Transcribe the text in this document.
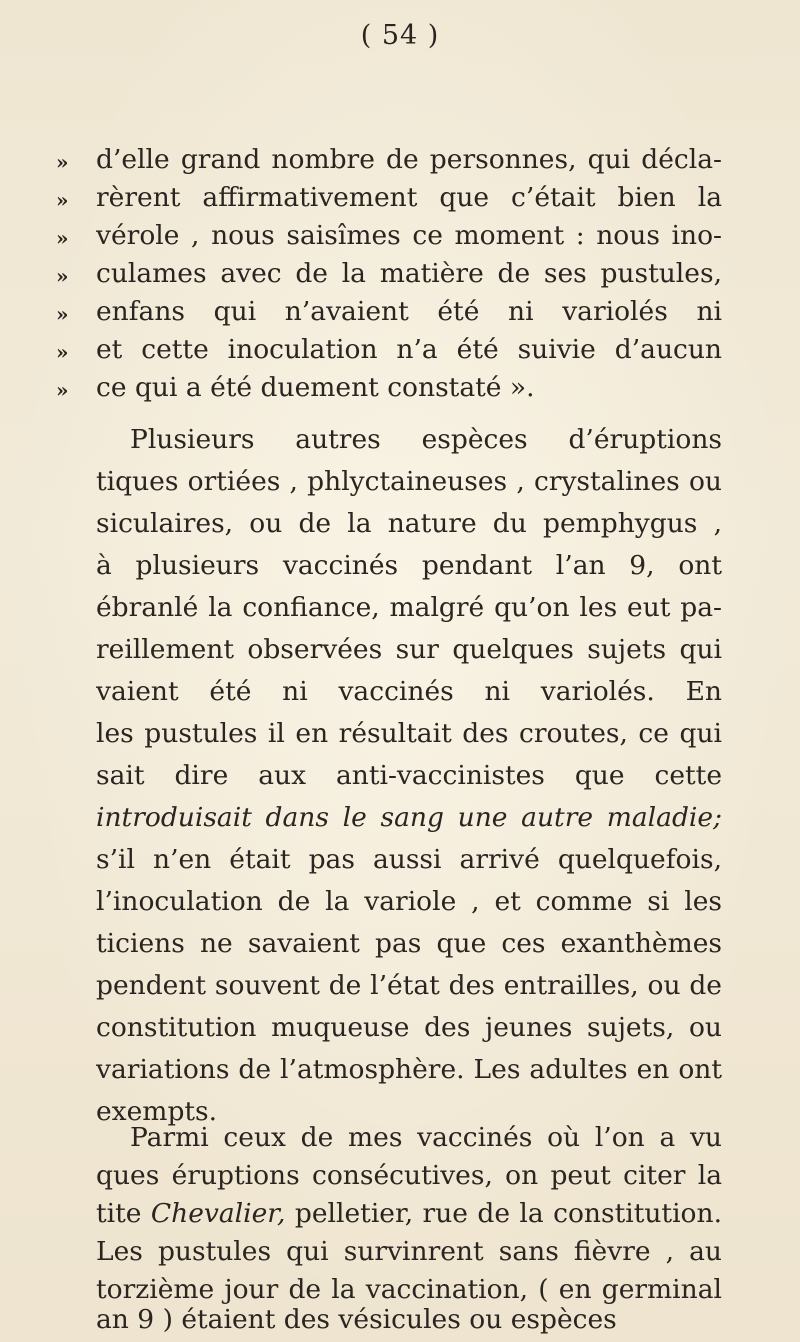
( 54 )
» d’elle grand nombre de personnes, qui décla-
» rèrent affirmativement que c’était bien la
» vérole , nous saisîmes ce moment : nous ino-
» culames avec de la matière de ses pustules,
» enfans qui n’avaient été ni variolés ni
» et cette inoculation n’a été suivie d’aucun
» ce qui a été duement constaté ».
Plusieurs autres espèces d’éruptions
tiques ortiées , phlyctaineuses , crystalines ou
siculaires, ou de la nature du pemphygus ,
à plusieurs vaccinés pendant l’an 9, ont
ébranlé la confiance, malgré qu’on les eut pa-
reillement observées sur quelques sujets qui
vaient été ni vaccinés ni variolés. En
les pustules il en résultait des croutes, ce qui
sait dire aux anti-vaccinistes que cette
introduisait dans le sang une autre maladie;
s’il n’en était pas aussi arrivé quelquefois,
l’inoculation de la variole , et comme si les
ticiens ne savaient pas que ces exanthèmes
pendent souvent de l’état des entrailles, ou de
constitution muqueuse des jeunes sujets, ou
variations de l’atmosphère. Les adultes en ont
exempts.
Parmi ceux de mes vaccinés où l’on a vu
ques éruptions consécutives, on peut citer la
tite Chevalier, pelletier, rue de la constitution.
Les pustules qui survinrent sans fièvre , au
torzième jour de la vaccination, ( en germinal
an 9 ) étaient des vésicules ou espèces
